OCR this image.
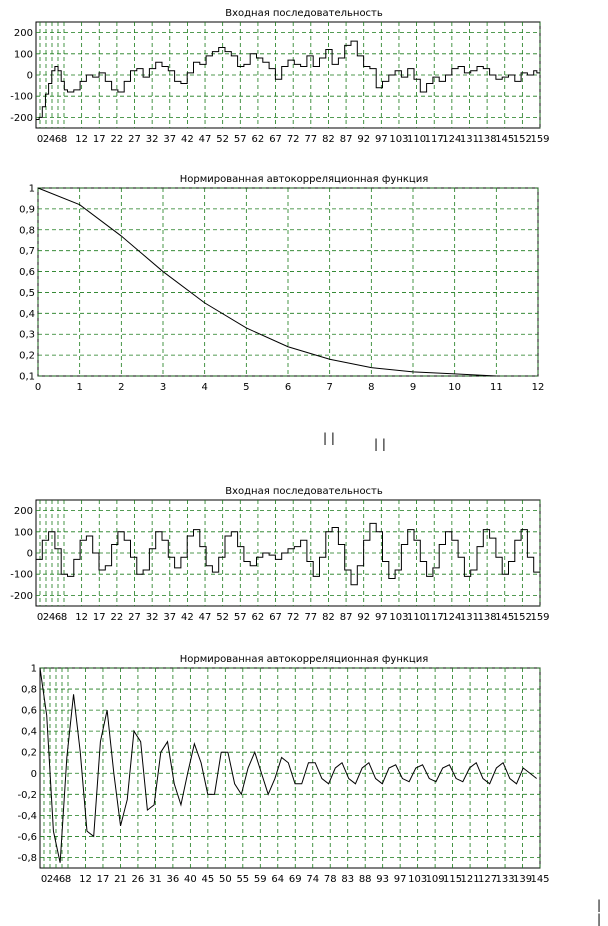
Входная последовательность
Нормированная автокорреляционная функция
Входная последовательность
Нормированная автокорреляционная функция
| |	| |
| |
200
100
0
-100
-200
0 2 4 6 8 12 17 22 27 32 37 42 47 52 57 62 67 72 77 82 87 92 97 103
110
117
124
131
138
145
152
159
1
0,9
0,8
0,7
0,6
0,5
0,4
0,3
0,2
0,1
0	1	2	3	4	5	6	7	8	9	10	11	12
200
100
0
-100
-200
0 2 4 6 8 12 17 22 27 32 37 42 47 52 57 62 67 72 77 82 87 92 97 103
110
117
124
131
138
145
152
159
1
0,8
0,6
0,4
0,2
0
-0,2
-0,4
-0,6
-0,8
0 2 4 6 8 12 17 21 26 31 36 40 45 50 55 59 64 69 74 78 83 88 93 97 103
109
115
121
127
133
139
145
